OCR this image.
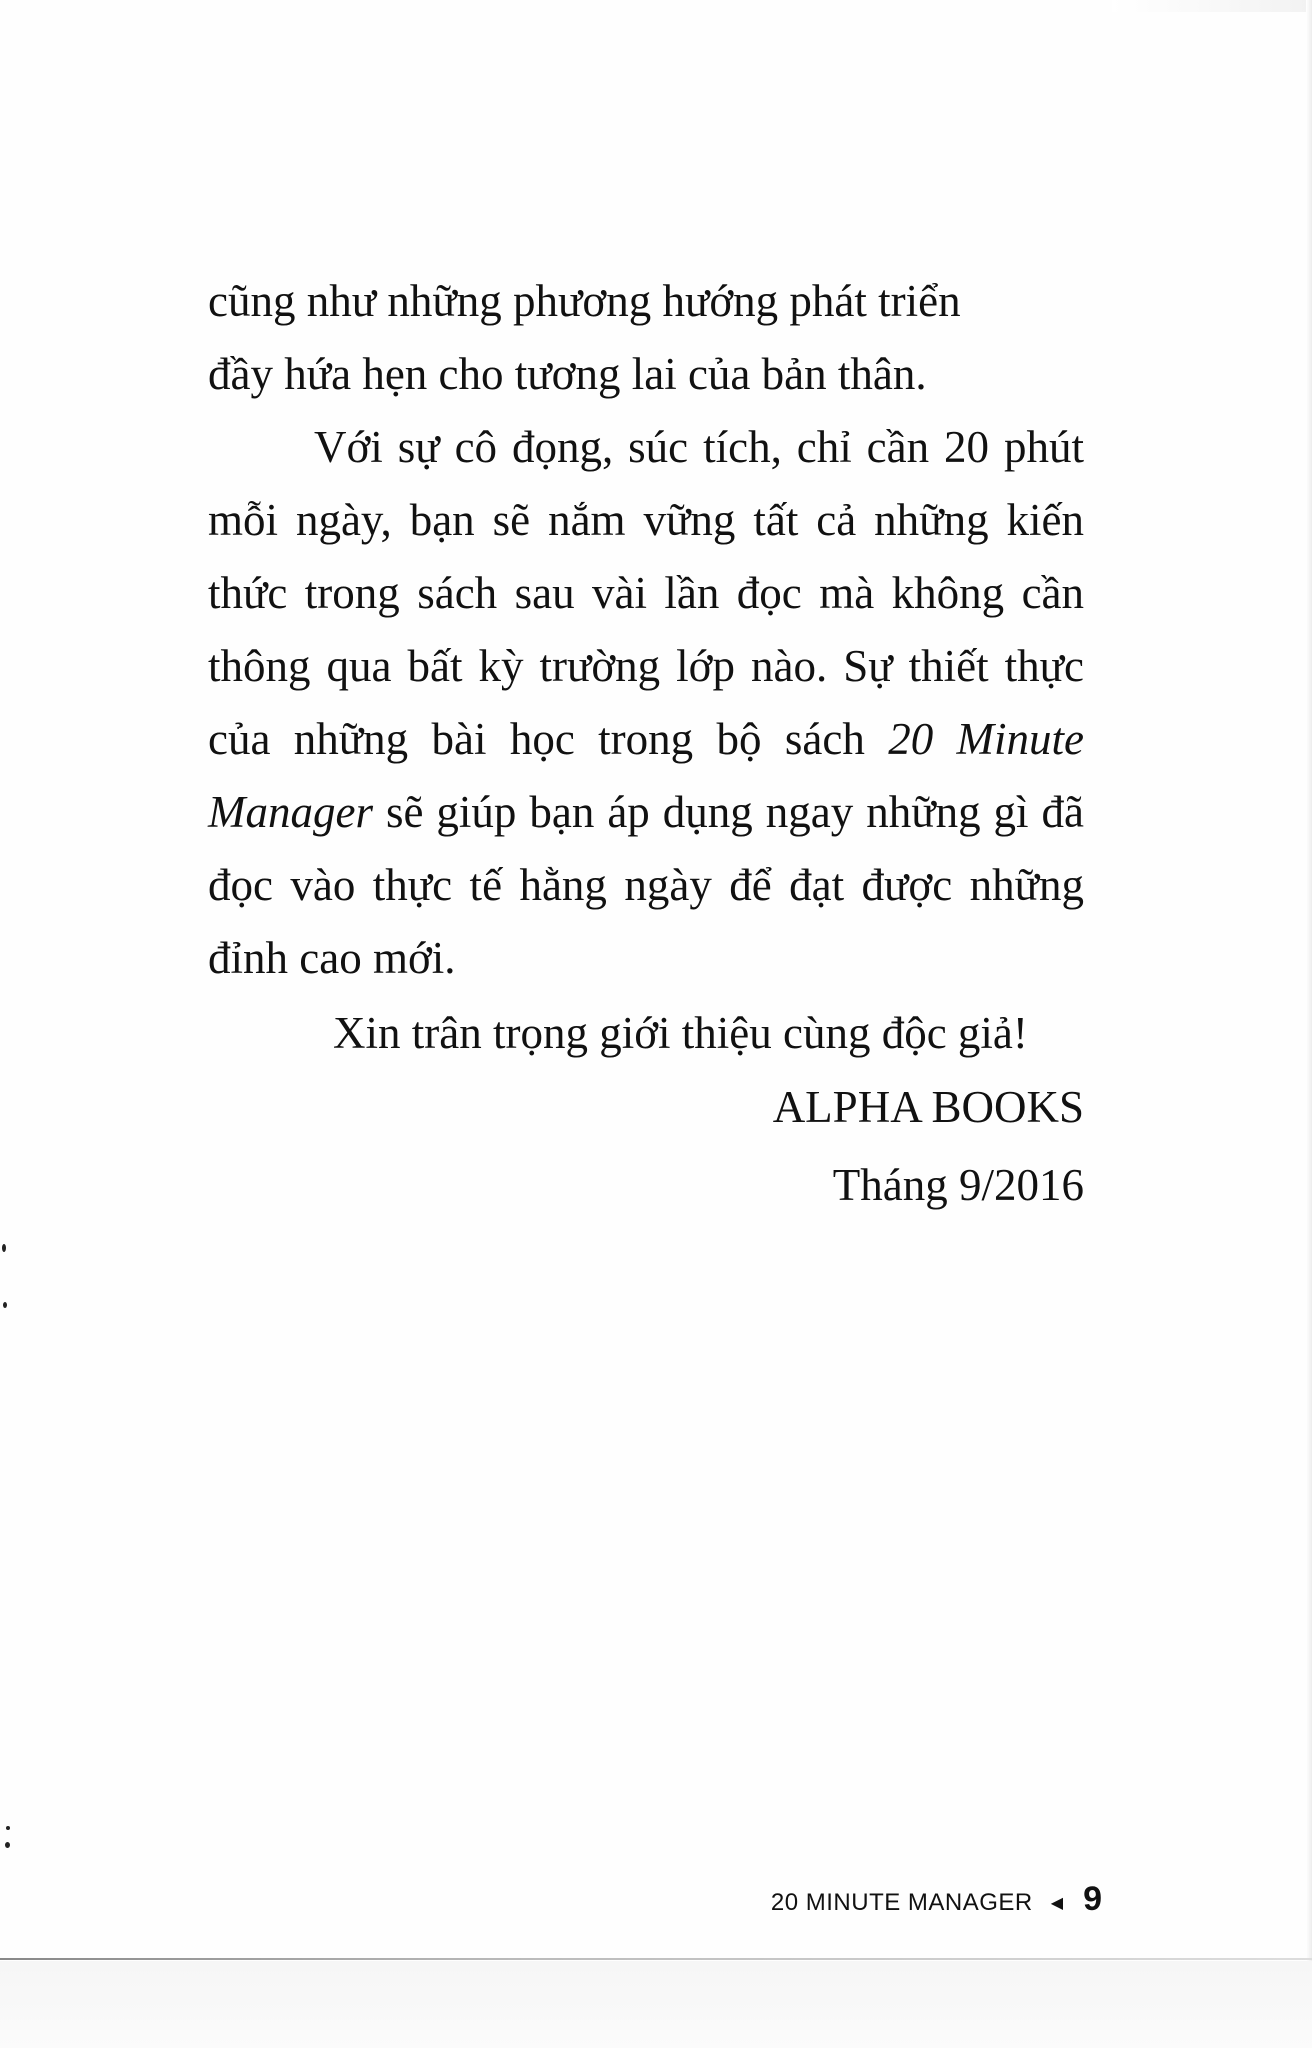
cũng như những phương hướng phát triển
đầy hứa hẹn cho tương lai của bản thân.

Với sự cô đọng, súc tích, chỉ cần 20 phút mỗi ngày, bạn sẽ nắm vững tất cả những kiến thức trong sách sau vài lần đọc mà không cần thông qua bất kỳ trường lớp nào. Sự thiết thực của những bài học trong bộ sách 20 Minute Manager sẽ giúp bạn áp dụng ngay những gì đã đọc vào thực tế hằng ngày để đạt được những đỉnh cao mới.

Xin trân trọng giới thiệu cùng độc giả!

ALPHA BOOKS

Tháng 9/2016

20 MINUTE MANAGER ◀ 9
